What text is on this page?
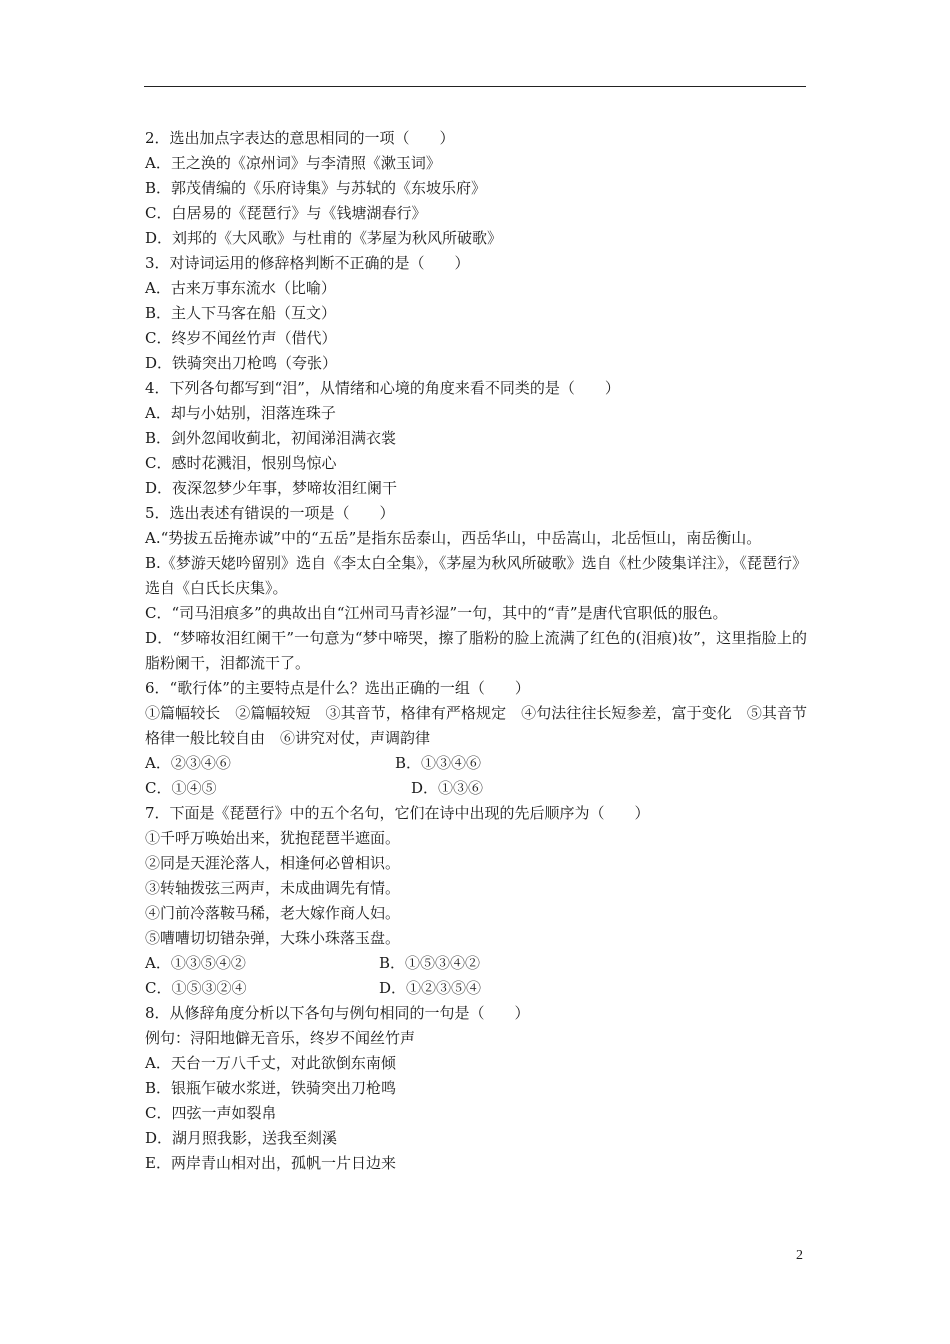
2．选出加点字表达的意思相同的一项（　　）
A．王之涣的《凉州词》与李清照《漱玉词》
B．郭茂倩编的《乐府诗集》与苏轼的《东坡乐府》
C．白居易的《琵琶行》与《钱塘湖春行》
D．刘邦的《大风歌》与杜甫的《茅屋为秋风所破歌》
3．对诗词运用的修辞格判断不正确的是（　　）
A．古来万事东流水（比喻）
B．主人下马客在船（互文）
C．终岁不闻丝竹声（借代）
D．铁骑突出刀枪鸣（夸张）
4．下列各句都写到“泪”，从情绪和心境的角度来看不同类的是（　　）
A．却与小姑别，泪落连珠子
B．剑外忽闻收蓟北，初闻涕泪满衣裳
C．感时花溅泪，恨别鸟惊心
D．夜深忽梦少年事，梦啼妆泪红阑干
5．选出表述有错误的一项是（　　）
A.“势拔五岳掩赤诚”中的“五岳”是指东岳泰山，西岳华山，中岳嵩山，北岳恒山，南岳衡山。
B.《梦游天姥吟留别》选自《李太白全集》，《茅屋为秋风所破歌》选自《杜少陵集详注》，《琵琶行》选自《白氏长庆集》。
C．“司马泪痕多”的典故出自“江州司马青衫湿”一句，其中的“青”是唐代官职低的服色。
D．“梦啼妆泪红阑干”一句意为“梦中啼哭，擦了脂粉的脸上流满了红色的(泪痕)妆”，这里指脸上的脂粉阑干，泪都流干了。
6．“歌行体”的主要特点是什么？选出正确的一组（　　）
①篇幅较长　②篇幅较短　③其音节，格律有严格规定　④句法往往长短参差，富于变化　⑤其音节格律一般比较自由　⑥讲究对仗，声调韵律
A．②③④⑥	B．①③④⑥
C．①④⑤	D．①③⑥
7．下面是《琵琶行》中的五个名句，它们在诗中出现的先后顺序为（　　）
①千呼万唤始出来，犹抱琵琶半遮面。
②同是天涯沦落人，相逢何必曾相识。
③转轴拨弦三两声，未成曲调先有情。
④门前冷落鞍马稀，老大嫁作商人妇。
⑤嘈嘈切切错杂弹，大珠小珠落玉盘。
A．①③⑤④②	B．①⑤③④②
C．①⑤③②④	D．①②③⑤④
8．从修辞角度分析以下各句与例句相同的一句是（　　）
例句：浔阳地僻无音乐，终岁不闻丝竹声
A．天台一万八千丈，对此欲倒东南倾
B．银瓶乍破水浆迸，铁骑突出刀枪鸣
C．四弦一声如裂帛
D．湖月照我影，送我至剡溪
E．两岸青山相对出，孤帆一片日边来
2
